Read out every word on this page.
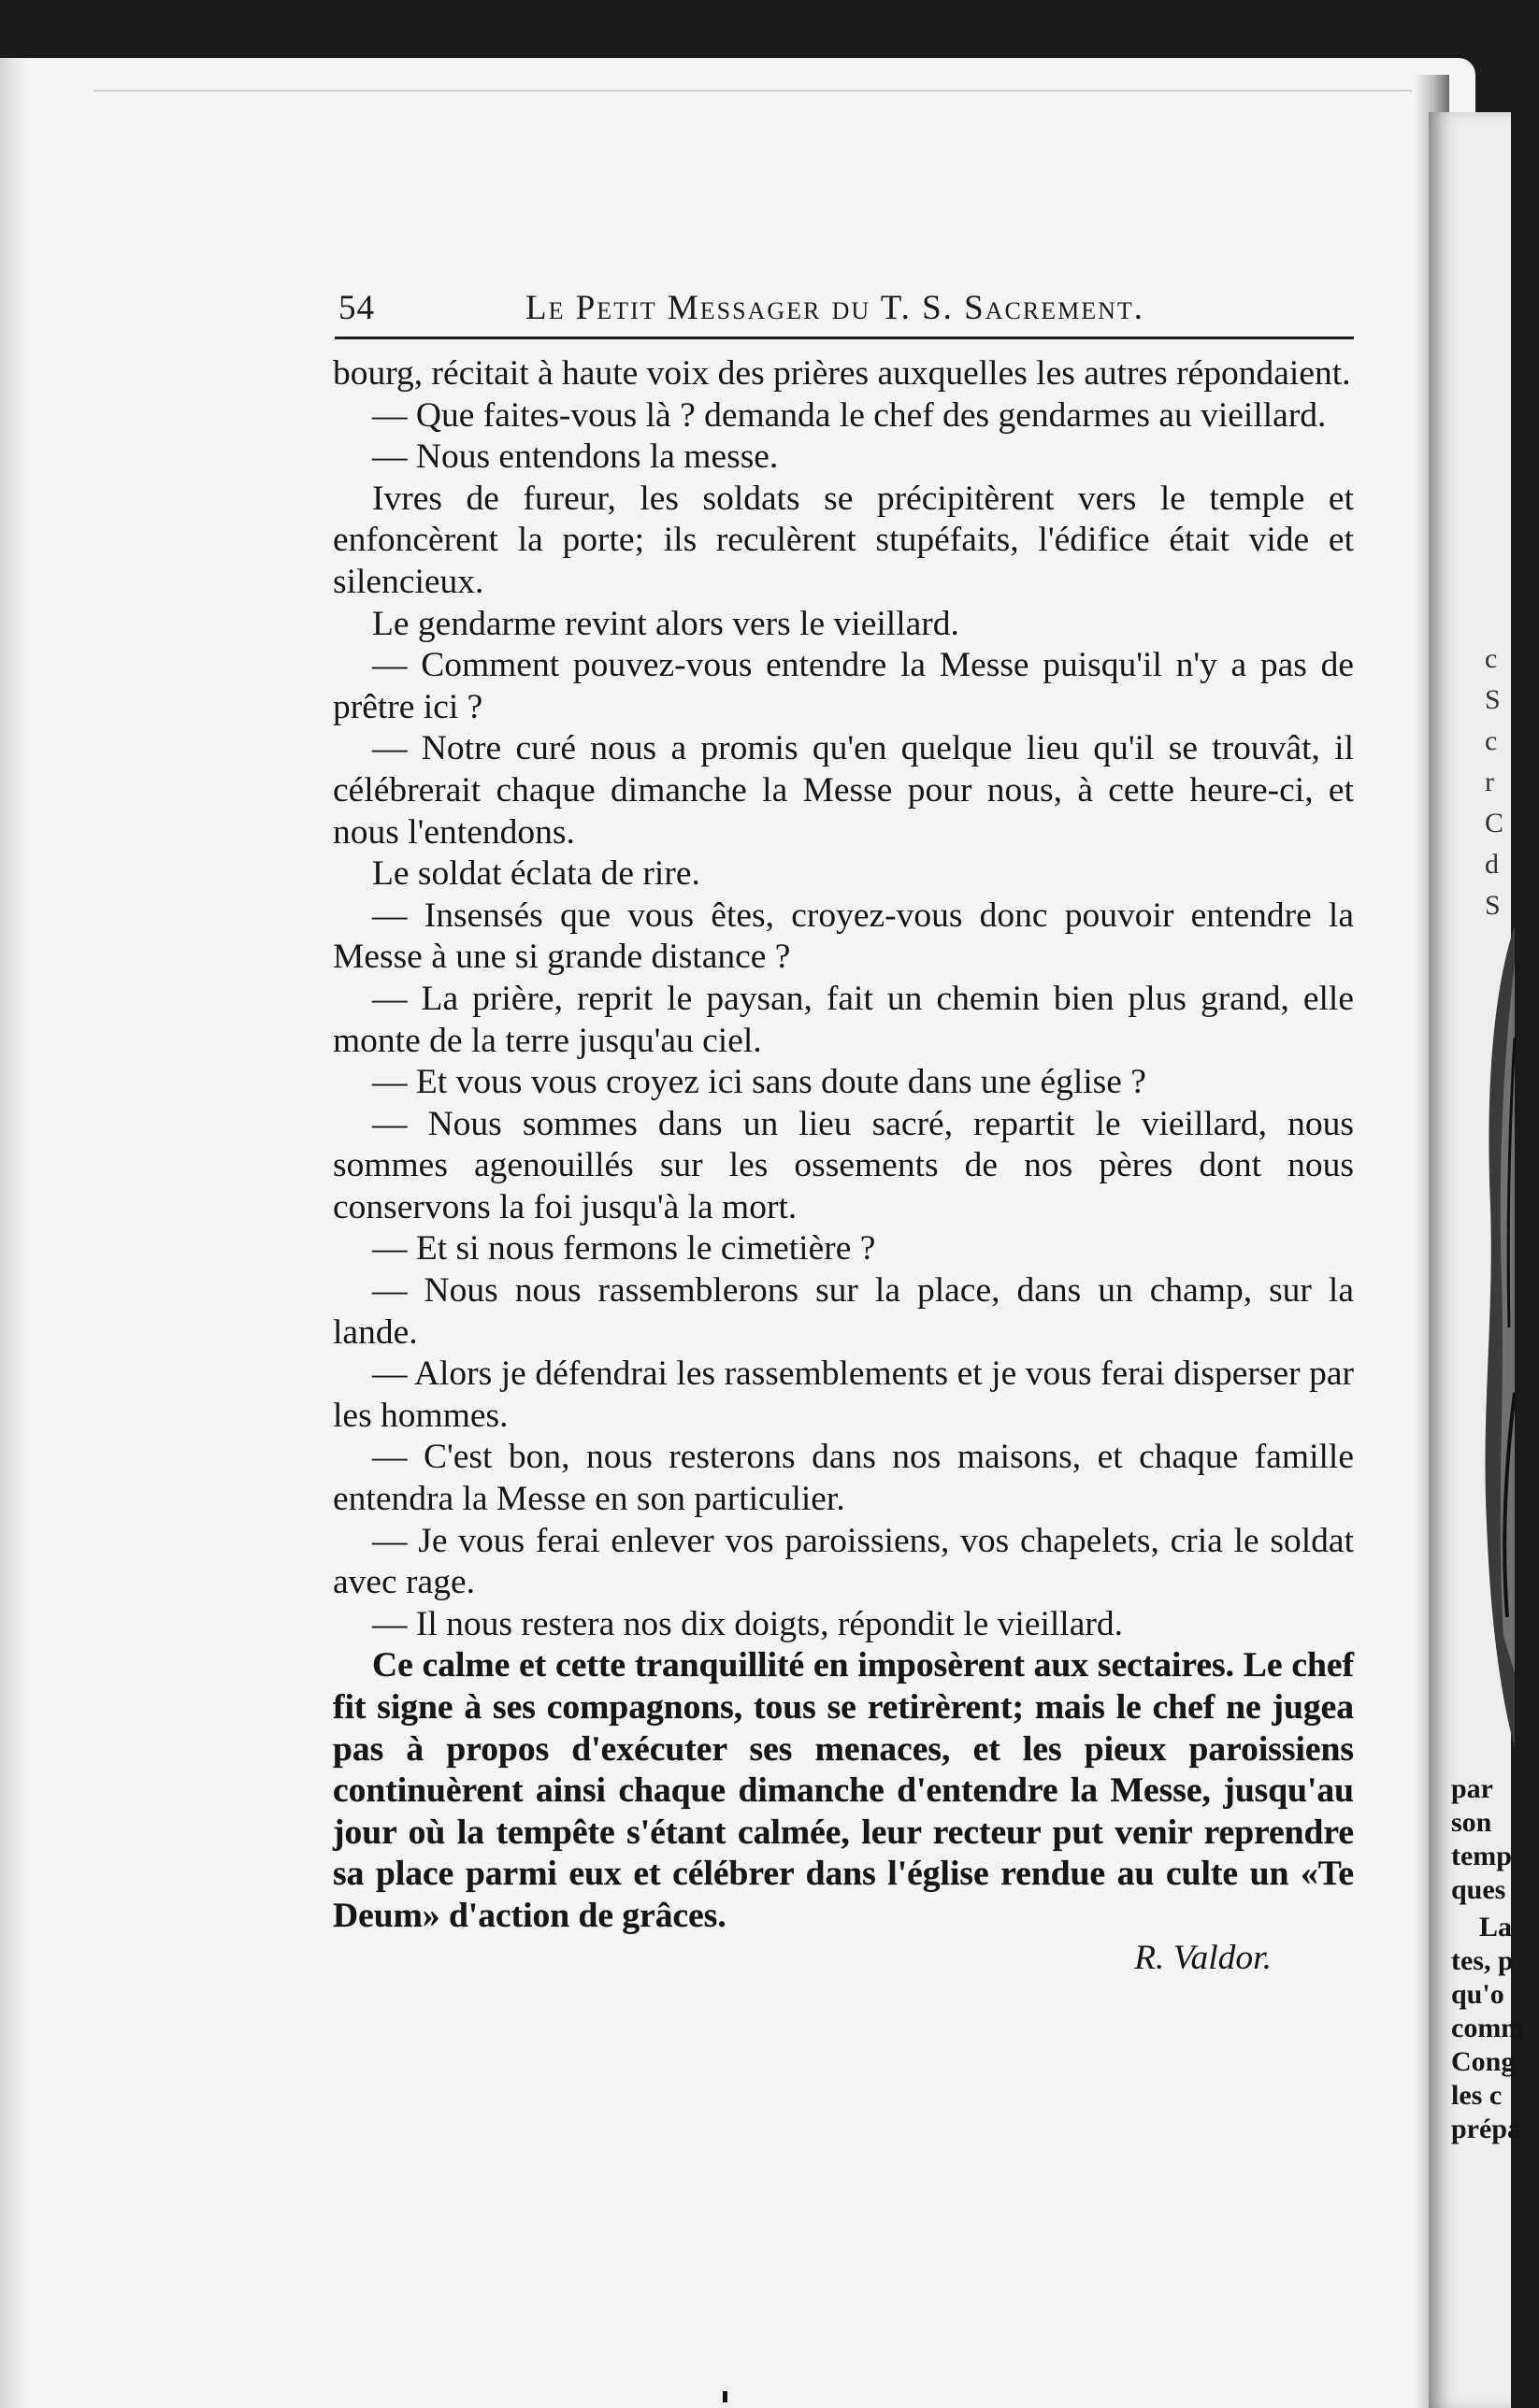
54	Le Petit Messager du T. S. Sacrement.

bourg, récitait à haute voix des prières auxquelles les autres répondaient.

— Que faites-vous là ? demanda le chef des gendarmes au vieillard.

— Nous entendons la messe.

Ivres de fureur, les soldats se précipitèrent vers le temple et enfoncèrent la porte; ils reculèrent stupéfaits, l'édifice était vide et silencieux.

Le gendarme revint alors vers le vieillard.

— Comment pouvez-vous entendre la Messe puisqu'il n'y a pas de prêtre ici ?

— Notre curé nous a promis qu'en quelque lieu qu'il se trouvât, il célébrerait chaque dimanche la Messe pour nous, à cette heure-ci, et nous l'entendons.

Le soldat éclata de rire.

— Insensés que vous êtes, croyez-vous donc pouvoir entendre la Messe à une si grande distance ?

— La prière, reprit le paysan, fait un chemin bien plus grand, elle monte de la terre jusqu'au ciel.

— Et vous vous croyez ici sans doute dans une église ?

— Nous sommes dans un lieu sacré, repartit le vieillard, nous sommes agenouillés sur les ossements de nos pères dont nous conservons la foi jusqu'à la mort.

— Et si nous fermons le cimetière ?

— Nous nous rassemblerons sur la place, dans un champ, sur la lande.

— Alors je défendrai les rassemblements et je vous ferai disperser par les hommes.

— C'est bon, nous resterons dans nos maisons, et chaque famille entendra la Messe en son particulier.

— Je vous ferai enlever vos paroissiens, vos chapelets, cria le soldat avec rage.

— Il nous restera nos dix doigts, répondit le vieillard.

Ce calme et cette tranquillité en imposèrent aux sectaires. Le chef fit signe à ses compagnons, tous se retirèrent; mais le chef ne jugea pas à propos d'exécuter ses menaces, et les pieux paroissiens continuèrent ainsi chaque dimanche d'entendre la Messe, jusqu'au jour où la tempête s'étant calmée, leur recteur put venir reprendre sa place parmi eux et célébrer dans l'église rendue au culte un «Te Deum» d'action de grâces.

R. Valdor.

c
S
c
r
C
d
S
par
son
temp
ques
La
tes, p
qu'o
comm
Cong
les c
prépa
